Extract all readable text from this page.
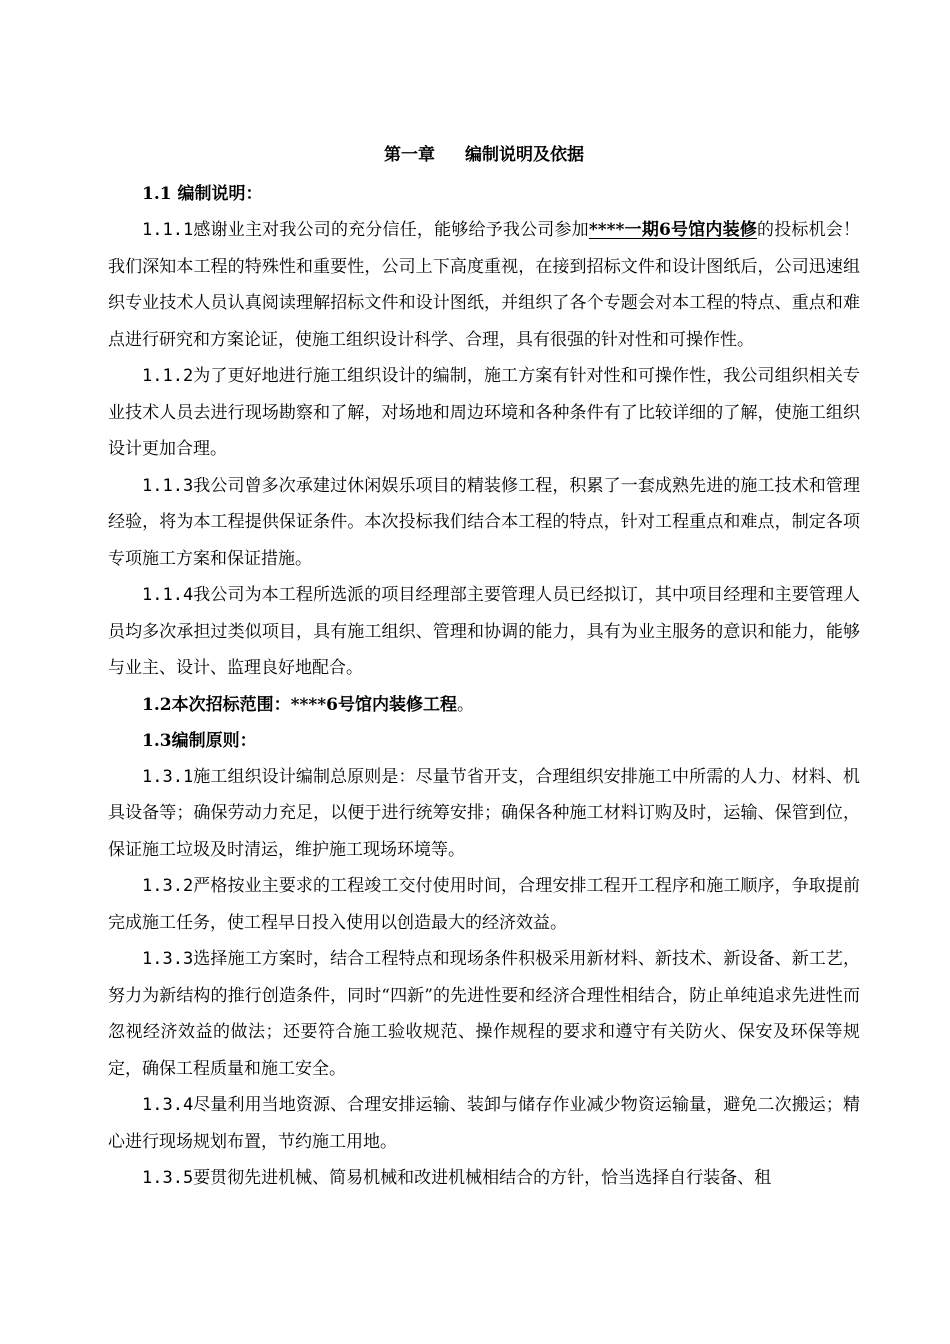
第一章 编制说明及依据

1.1 编制说明：

1.1.1感谢业主对我公司的充分信任，能够给予我公司参加****一期6号馆内装修的投标机会！我们深知本工程的特殊性和重要性，公司上下高度重视，在接到招标文件和设计图纸后，公司迅速组织专业技术人员认真阅读理解招标文件和设计图纸，并组织了各个专题会对本工程的特点、重点和难点进行研究和方案论证，使施工组织设计科学、合理，具有很强的针对性和可操作性。

1.1.2为了更好地进行施工组织设计的编制，施工方案有针对性和可操作性，我公司组织相关专业技术人员去进行现场勘察和了解，对场地和周边环境和各种条件有了比较详细的了解，使施工组织设计更加合理。

1.1.3我公司曾多次承建过休闲娱乐项目的精装修工程，积累了一套成熟先进的施工技术和管理经验，将为本工程提供保证条件。本次投标我们结合本工程的特点，针对工程重点和难点，制定各项专项施工方案和保证措施。

1.1.4我公司为本工程所选派的项目经理部主要管理人员已经拟订，其中项目经理和主要管理人员均多次承担过类似项目，具有施工组织、管理和协调的能力，具有为业主服务的意识和能力，能够与业主、设计、监理良好地配合。

1.2本次招标范围：****6号馆内装修工程。

1.3编制原则：

1.3.1施工组织设计编制总原则是：尽量节省开支，合理组织安排施工中所需的人力、材料、机具设备等；确保劳动力充足，以便于进行统筹安排；确保各种施工材料订购及时，运输、保管到位，保证施工垃圾及时清运，维护施工现场环境等。

1.3.2严格按业主要求的工程竣工交付使用时间，合理安排工程开工程序和施工顺序，争取提前完成施工任务，使工程早日投入使用以创造最大的经济效益。

1.3.3选择施工方案时，结合工程特点和现场条件积极采用新材料、新技术、新设备、新工艺，努力为新结构的推行创造条件，同时“四新”的先进性要和经济合理性相结合，防止单纯追求先进性而忽视经济效益的做法；还要符合施工验收规范、操作规程的要求和遵守有关防火、保安及环保等规定，确保工程质量和施工安全。

1.3.4尽量利用当地资源、合理安排运输、装卸与储存作业减少物资运输量，避免二次搬运；精心进行现场规划布置，节约施工用地。

1.3.5要贯彻先进机械、简易机械和改进机械相结合的方针，恰当选择自行装备、租
